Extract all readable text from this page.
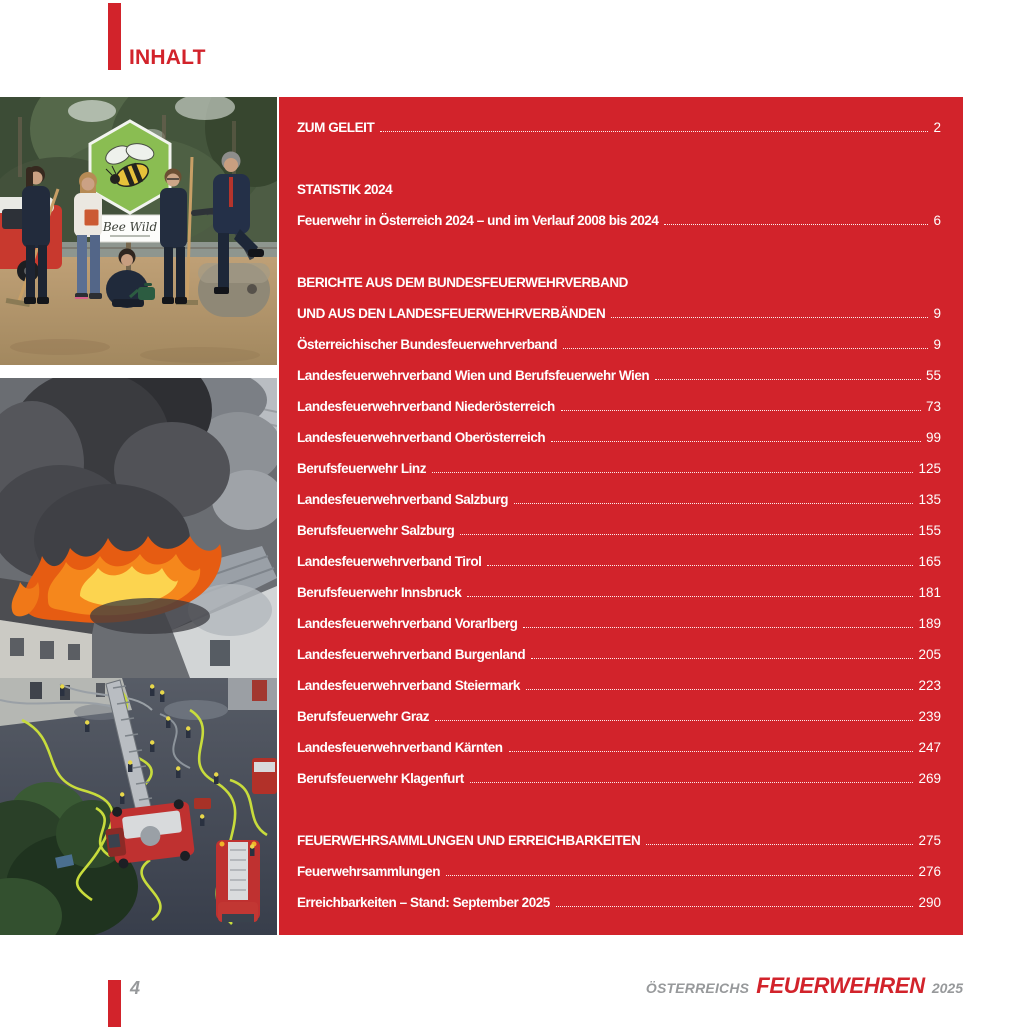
INHALT
Bee Wild
ZUM GELEIT	2
STATISTIK 2024
Feuerwehr in Österreich 2024 – und im Verlauf 2008 bis 2024	6
BERICHTE AUS DEM BUNDESFEUERWEHRVERBAND
UND AUS DEN LANDESFEUERWEHRVERBÄNDEN	9
Österreichischer Bundesfeuerwehrverband	9
Landesfeuerwehrverband Wien und Berufsfeuerwehr Wien	55
Landesfeuerwehrverband Niederösterreich	73
Landesfeuerwehrverband Oberösterreich	99
Berufsfeuerwehr Linz	125
Landesfeuerwehrverband Salzburg	135
Berufsfeuerwehr Salzburg	155
Landesfeuerwehrverband Tirol	165
Berufsfeuerwehr Innsbruck	181
Landesfeuerwehrverband Vorarlberg	189
Landesfeuerwehrverband Burgenland	205
Landesfeuerwehrverband Steiermark	223
Berufsfeuerwehr Graz	239
Landesfeuerwehrverband Kärnten	247
Berufsfeuerwehr Klagenfurt	269
FEUERWEHRSAMMLUNGEN UND ERREICHBARKEITEN	275
Feuerwehrsammlungen	276
Erreichbarkeiten – Stand: September 2025	290
4	ÖSTERREICHS FEUERWEHREN 2025
